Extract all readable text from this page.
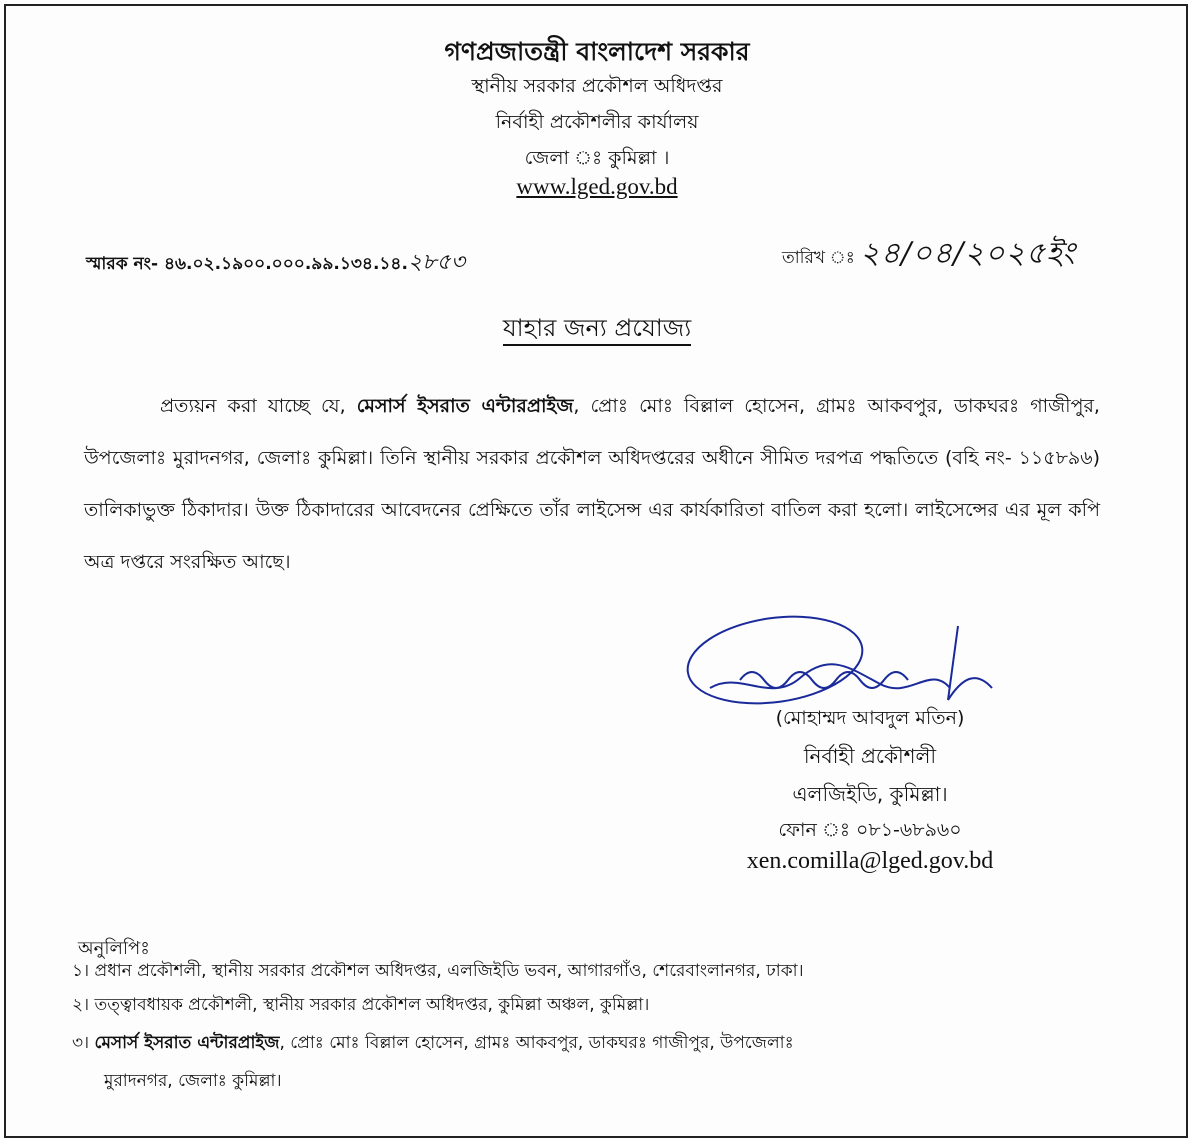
গণপ্রজাতন্ত্রী বাংলাদেশ সরকার
স্থানীয় সরকার প্রকৌশল অধিদপ্তর
নির্বাহী প্রকৌশলীর কার্যালয়
জেলা ঃ কুমিল্লা ।
www.lged.gov.bd
স্মারক নং- ৪৬.০২.১৯০০.০০০.৯৯.১৩৪.১৪.২৮৫৩	তারিখ ঃ ২৪/০৪/২০২৫ইং
যাহার জন্য প্রযোজ্য
প্রত্যয়ন করা যাচ্ছে যে, মেসার্স ইসরাত এন্টারপ্রাইজ, প্রোঃ মোঃ বিল্লাল হোসেন, গ্রামঃ আকবপুর, ডাকঘরঃ গাজীপুর, উপজেলাঃ মুরাদনগর, জেলাঃ কুমিল্লা। তিনি স্থানীয় সরকার প্রকৌশল অধিদপ্তরের অধীনে সীমিত দরপত্র পদ্ধতিতে (বহি নং- ১১৫৮৯৬) তালিকাভুক্ত ঠিকাদার। উক্ত ঠিকাদারের আবেদনের প্রেক্ষিতে তাঁর লাইসেন্স এর কার্যকারিতা বাতিল করা হলো। লাইসেন্সের এর মূল কপি অত্র দপ্তরে সংরক্ষিত আছে।
(মোহাম্মদ আবদুল মতিন)
নির্বাহী প্রকৌশলী
এলজিইডি, কুমিল্লা।
ফোন ঃ ০৮১-৬৮৯৬০
xen.comilla@lged.gov.bd
অনুলিপিঃ
১। প্রধান প্রকৌশলী, স্থানীয় সরকার প্রকৌশল অধিদপ্তর, এলজিইডি ভবন, আগারগাঁও, শেরেবাংলানগর, ঢাকা।
২। তত্ত্বাবধায়ক প্রকৌশলী, স্থানীয় সরকার প্রকৌশল অধিদপ্তর, কুমিল্লা অঞ্চল, কুমিল্লা।
৩। মেসার্স ইসরাত এন্টারপ্রাইজ, প্রোঃ মোঃ বিল্লাল হোসেন, গ্রামঃ আকবপুর, ডাকঘরঃ গাজীপুর, উপজেলাঃ
মুরাদনগর, জেলাঃ কুমিল্লা।
